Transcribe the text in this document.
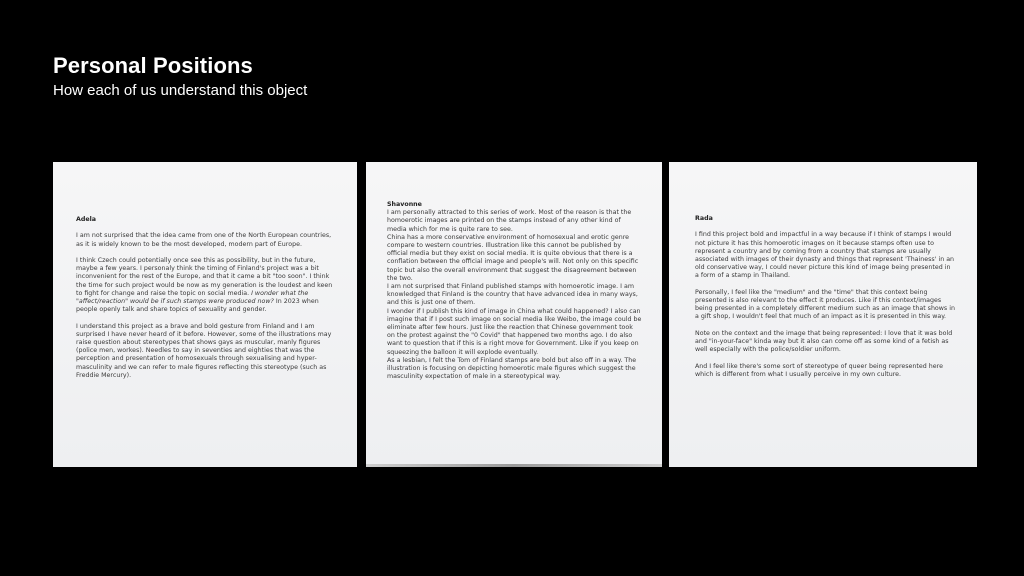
Personal Positions
How each of us understand this object

Adela

I am not surprised that the idea came from one of the North European countries, as it is widely known to be the most developed, modern part of Europe.

I think Czech could potentially once see this as possibility, but in the future, maybe a few years. I personaly think the timing of Finland's project was a bit inconvenient for the rest of the Europe, and that it came a bit "too soon". I think the time for such project would be now as my generation is the loudest and keen to fight for change and raise the topic on social media. I wonder what the "affect/reaction" would be if such stamps were produced now? In 2023 when people openly talk and share topics of sexuality and gender.

I understand this project as a brave and bold gesture from Finland and I am surprised I have never heard of it before. However, some of the illustrations may raise question about stereotypes that shows gays as muscular, manly figures (police men, workes). Needles to say in seventies and eighties that was the perception and presentation of homosexuals through sexualising and hyper-masculinity and we can refer to male figures reflecting this stereotype (such as Freddie Mercury).

Shavonne

I am personally attracted to this series of work. Most of the reason is that the homoerotic images are printed on the stamps instead of any other kind of media which for me is quite rare to see.

China has a more conservative environment of homosexual and erotic genre compare to western countries. Illustration like this cannot be published by official media but they exist on social media. It is quite obvious that there is a conflation between the official image and people's will. Not only on this specific topic but also the overall environment that suggest the disagreement between the two.

I am not surprised that Finland published stamps with homoerotic image. I am knowledged that Finland is the country that have advanced idea in many ways, and this is just one of them.

I wonder if I publish this kind of image in China what could happened? I also can imagine that if I post such image on social media like Weibo, the image could be eliminate after few hours. Just like the reaction that Chinese government took on the protest against the "0 Covid" that happened two months ago. I do also want to question that if this is a right move for Government. Like if you keep on squeezing the balloon it will explode eventually.

As a lesbian, I felt the Tom of Finland stamps are bold but also off in a way. The illustration is focusing on depicting homoerotic male figures which suggest the masculinity expectation of male in a stereotypical way.

Rada

I find this project bold and impactful in a way because if I think of stamps I would not picture it has this homoerotic images on it because stamps often use to represent a country and by coming from a country that stamps are usually associated with images of their dynasty and things that represent 'Thainess' in an old conservative way, I could never picture this kind of image being presented in a form of a stamp in Thailand.

Personally, I feel like the "medium" and the "time" that this context being presented is also relevant to the effect it produces. Like if this context/images being presented in a completely different medium such as an image that shows in a gift shop, I wouldn't feel that much of an impact as it is presented in this way.

Note on the context and the image that being represented: I love that it was bold and "in-your-face" kinda way but it also can come off as some kind of a fetish as well especially with the police/soldier uniform.

And I feel like there's some sort of stereotype of queer being represented here which is different from what I usually perceive in my own culture.
